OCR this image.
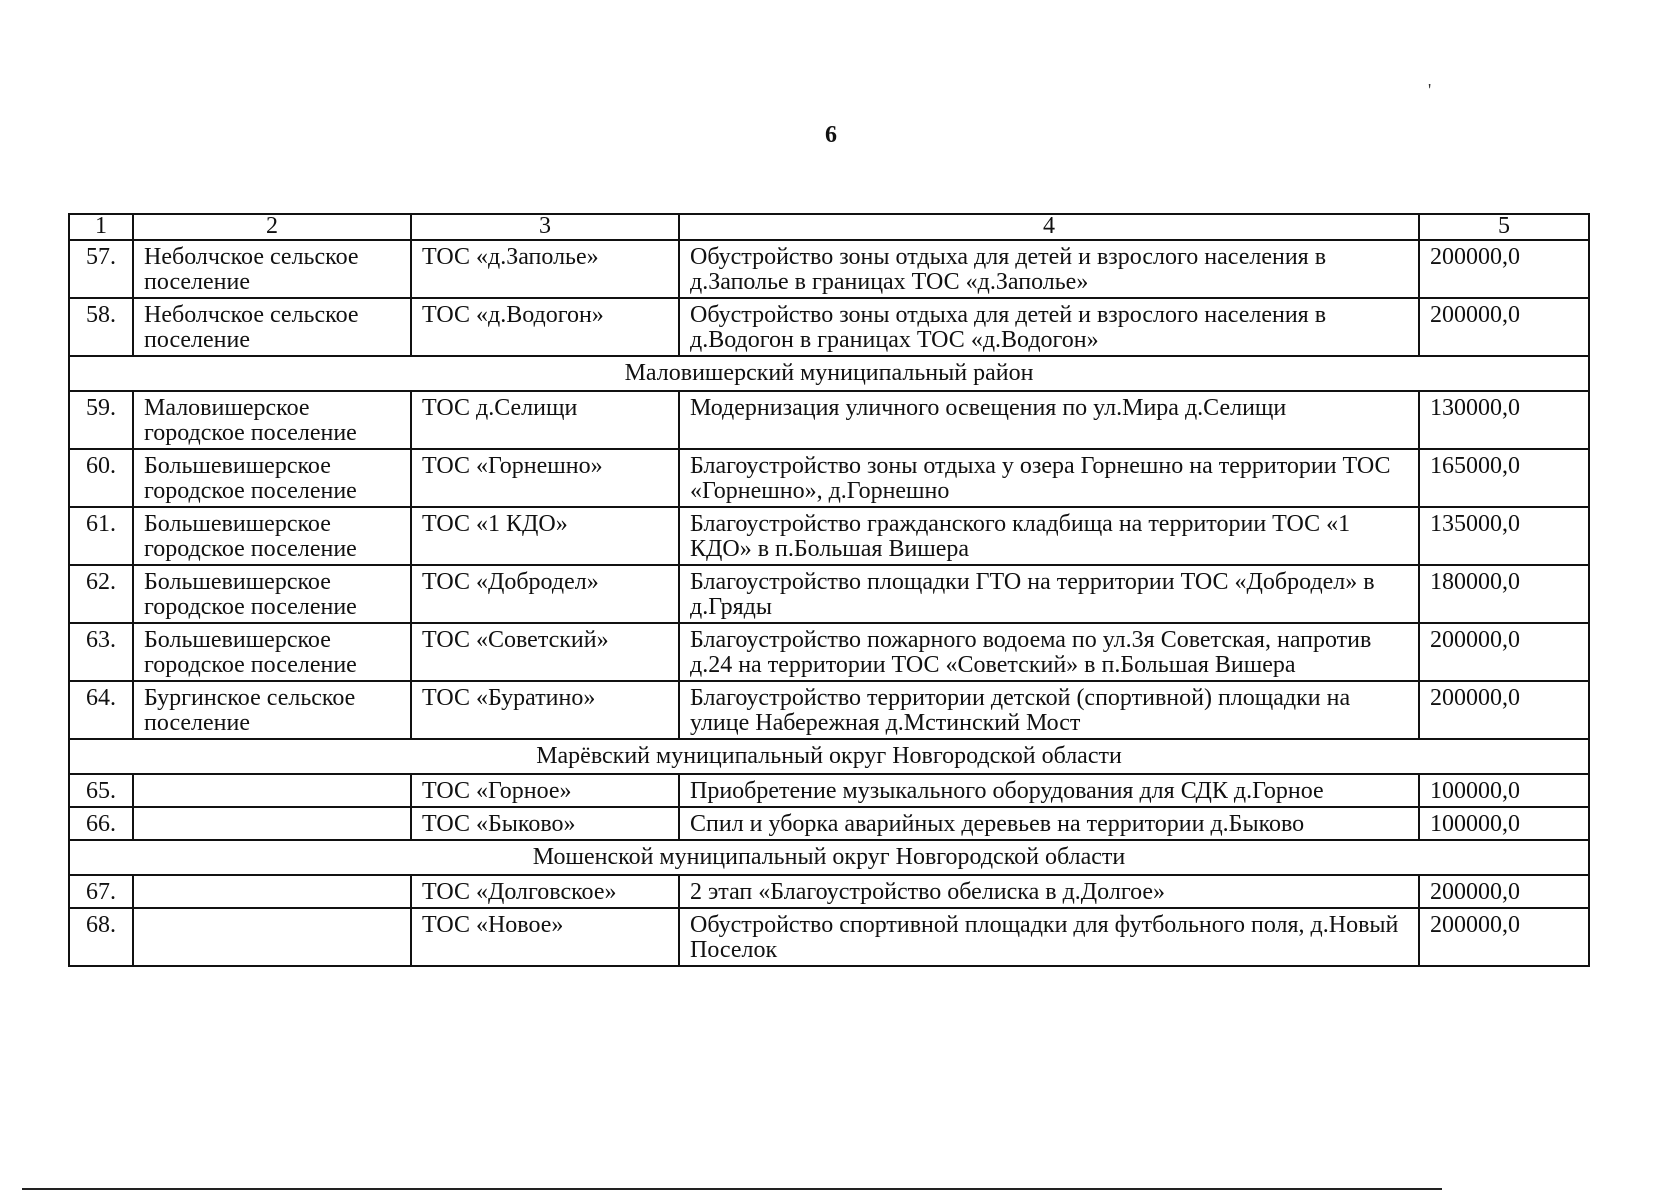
6
'
1	2	3	4	5
57.	Неболчское сельское поселение	ТОС «д.Заполье»	Обустройство зоны отдыха для детей и взрослого населения в д.Заполье в границах ТОС «д.Заполье»	200000,0
58.	Неболчское сельское поселение	ТОС «д.Водогон»	Обустройство зоны отдыха для детей и взрослого населения в д.Водогон в границах ТОС «д.Водогон»	200000,0
Маловишерский муниципальный район				
59.	Маловишерское городское поселение	ТОС д.Селищи	Модернизация уличного освещения по ул.Мира д.Селищи	130000,0
60.	Большевишерское городское поселение	ТОС «Горнешно»	Благоустройство зоны отдыха у озера Горнешно на территории ТОС «Горнешно», д.Горнешно	165000,0
61.	Большевишерское городское поселение	ТОС «1 КДО»	Благоустройство гражданского кладбища на территории ТОС «1 КДО» в п.Большая Вишера	135000,0
62.	Большевишерское городское поселение	ТОС «Добродел»	Благоустройство площадки ГТО на территории ТОС «Добродел» в д.Гряды	180000,0
63.	Большевишерское городское поселение	ТОС «Советский»	Благоустройство пожарного водоема по ул.3я Советская, напротив д.24 на территории ТОС «Советский» в п.Большая Вишера	200000,0
64.	Бургинское сельское поселение	ТОС «Буратино»	Благоустройство территории детской (спортивной) площадки на улице Набережная д.Мстинский Мост	200000,0
Марёвский муниципальный округ Новгородской области				
65.		ТОС «Горное»	Приобретение музыкального оборудования для СДК д.Горное	100000,0
66.		ТОС «Быково»	Спил и уборка аварийных деревьев на территории д.Быково	100000,0
Мошенской муниципальный округ Новгородской области				
67.		ТОС «Долговское»	2 этап «Благоустройство обелиска в д.Долгое»	200000,0
68.		ТОС «Новое»	Обустройство спортивной площадки для футбольного поля, д.Новый Поселок	200000,0
